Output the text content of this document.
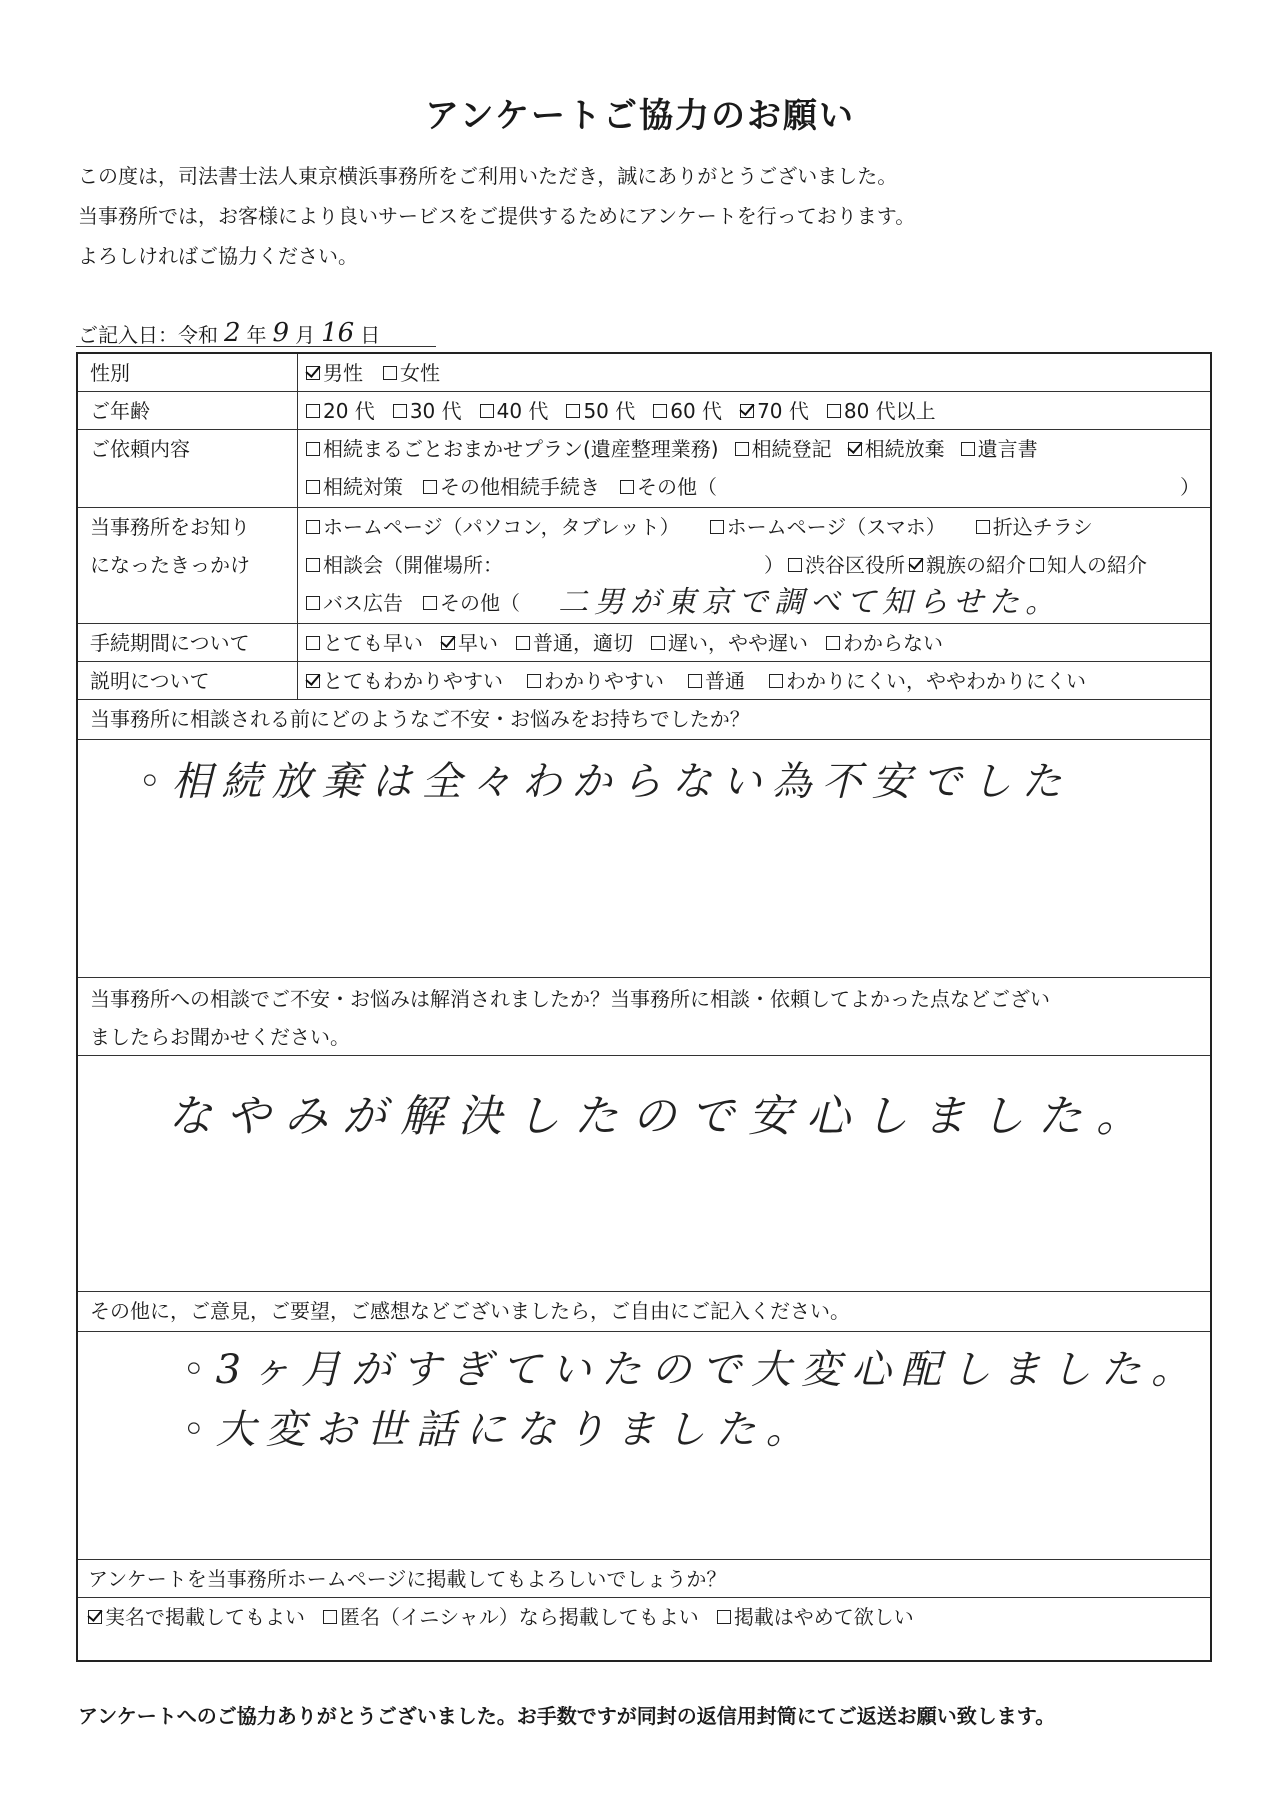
アンケートご協力のお願い
この度は，司法書士法人東京横浜事務所をご利用いただき，誠にありがとうございました。
当事務所では，お客様により良いサービスをご提供するためにアンケートを行っております。
よろしければご協力ください。
ご記入日：令和 2 年 9 月 16 日
性別	男性 女性
ご年齢	20 代 30 代 40 代 50 代 60 代 70 代 80 代以上
ご依頼内容	相続まるごとおまかせプラン(遺産整理業務) 相続登記 相続放棄 遺言書
相続対策 その他相続手続き その他（	）
当事務所をお知り
になったきっかけ
ホームページ（パソコン，タブレット） ホームページ（スマホ） 折込チラシ
相談会（開催場所：	） 渋谷区役所 親族の紹介 知人の紹介
バス広告 その他（ 二男が東京で調べて知らせた。
手続期間について	とても早い 早い 普通，適切 遅い，やや遅い わからない
説明について	とてもわかりやすい わかりやすい 普通 わかりにくい，ややわかりにくい
当事務所に相談される前にどのようなご不安・お悩みをお持ちでしたか？
◦相続放棄は全々わからない為不安でした
当事務所への相談でご不安・お悩みは解消されましたか？当事務所に相談・依頼してよかった点などござい
ましたらお聞かせください。
なやみが解決したので安心しました。
その他に，ご意見，ご要望，ご感想などございましたら，ご自由にご記入ください。
◦3ヶ月がすぎていたので大変心配しました。
◦大変お世話になりました。
アンケートを当事務所ホームページに掲載してもよろしいでしょうか？
実名で掲載してもよい 匿名（イニシャル）なら掲載してもよい 掲載はやめて欲しい
アンケートへのご協力ありがとうございました。お手数ですが同封の返信用封筒にてご返送お願い致します。
